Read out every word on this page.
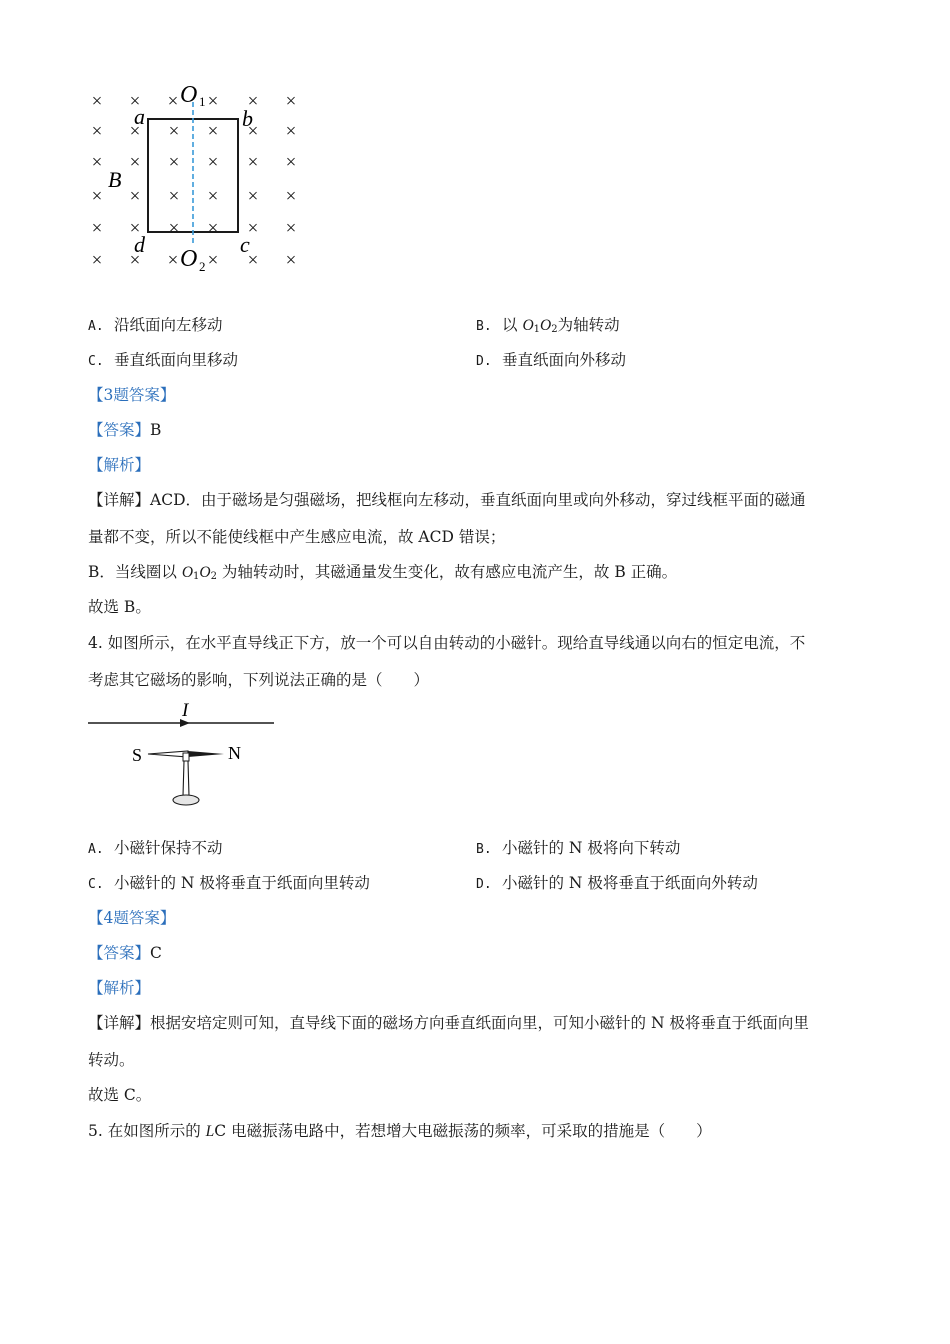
× × × × × ×
× × × × × ×
× × × × × ×
× × × × × ×
× × × × × ×
× × × × × ×
O 1
O 2
a	b
c
d
B
A. 沿纸面向左移动	B. 以 $O_1O_2$为轴转动
C. 垂直纸面向里移动	D. 垂直纸面向外移动
【3题答案】
【答案】B
【解析】
【详解】ACD．由于磁场是匀强磁场，把线框向左移动，垂直纸面向里或向外移动，穿过线框平面的磁通
量都不变，所以不能使线框中产生感应电流，故 ACD 错误；
B．当线圈以 $O_1O_2$ 为轴转动时，其磁通量发生变化，故有感应电流产生，故 B 正确。
故选 B。
4. 如图所示，在水平直导线正下方，放一个可以自由转动的小磁针。现给直导线通以向右的恒定电流，不
考虑其它磁场的影响，下列说法正确的是（　　）
I
S	N
A. 小磁针保持不动	B. 小磁针的 N 极将向下转动
C. 小磁针的 N 极将垂直于纸面向里转动	D. 小磁针的 N 极将垂直于纸面向外转动
【4题答案】
【答案】C
【解析】
【详解】根据安培定则可知，直导线下面的磁场方向垂直纸面向里，可知小磁针的 N 极将垂直于纸面向里
转动。
故选 C。
5. 在如图所示的 LC 电磁振荡电路中，若想增大电磁振荡的频率，可采取的措施是（　　）
